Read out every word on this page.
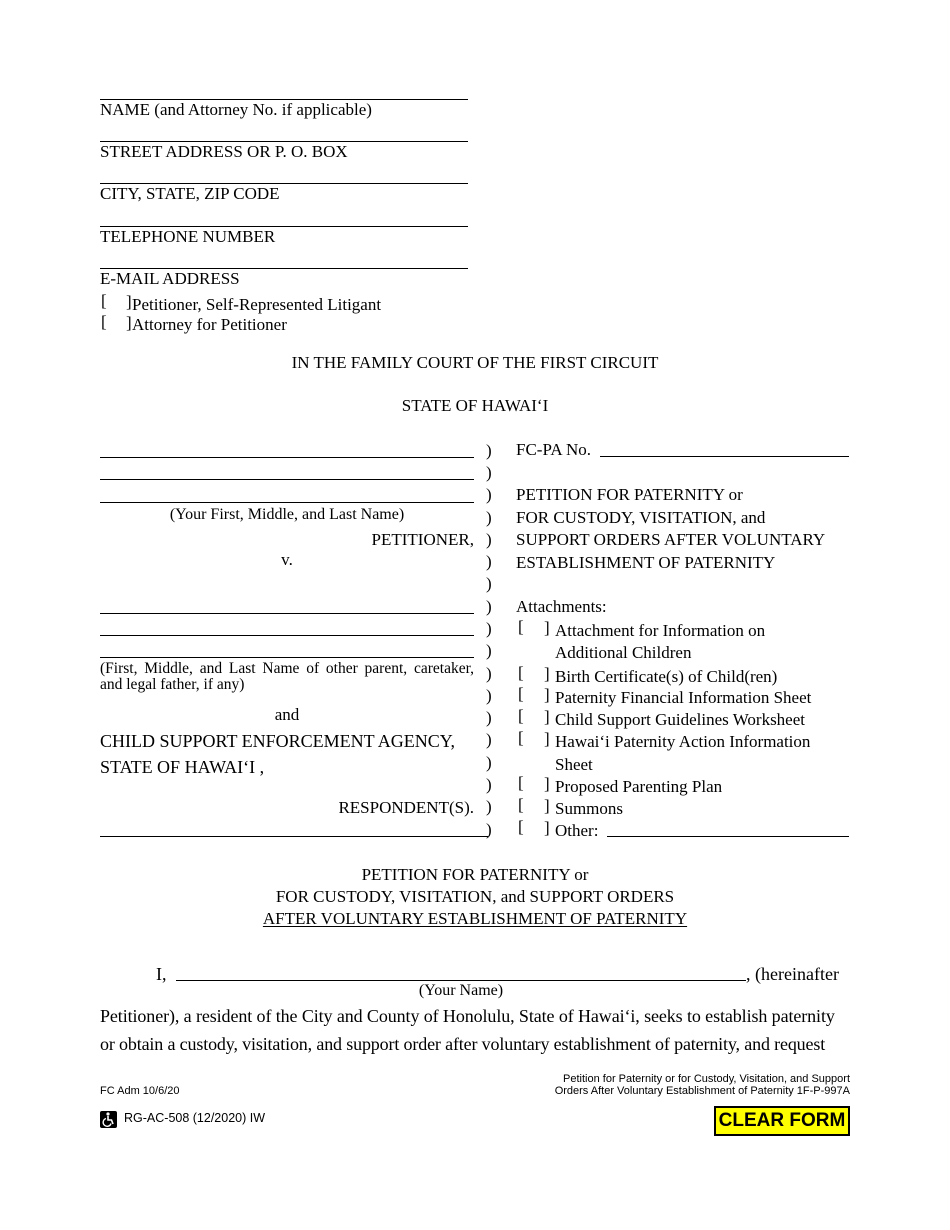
NAME (and Attorney No. if applicable)
STREET ADDRESS OR P. O. BOX
CITY, STATE, ZIP CODE
TELEPHONE NUMBER
E-MAIL ADDRESS
[ ] Petitioner, Self-Represented Litigant
[ ] Attorney for Petitioner
IN THE FAMILY COURT OF THE FIRST CIRCUIT
STATE OF HAWAIʻI
(Your First, Middle, and Last Name)
PETITIONER,
v.
(First, Middle, and Last Name of other parent, caretaker, and legal father, if any)
and
CHILD SUPPORT ENFORCEMENT AGENCY,
STATE OF HAWAIʻI ,
RESPONDENT(S).
)
)
)
)
)
)
)
)
)
)
)
)
)
)
)
)
)
)
FC-PA No.
PETITION FOR PATERNITY or
FOR CUSTODY, VISITATION, and
SUPPORT ORDERS AFTER VOLUNTARY
ESTABLISHMENT OF PATERNITY
Attachments:
[ ]
[ ]
[ ]
[ ]
[ ]
[ ]
[ ]
[ ]
Attachment for Information on
Additional Children
Birth Certificate(s) of Child(ren)
Paternity Financial Information Sheet
Child Support Guidelines Worksheet
Hawaiʻi Paternity Action Information
Sheet
Proposed Parenting Plan
Summons
Other:
PETITION FOR PATERNITY or
FOR CUSTODY, VISITATION, and SUPPORT ORDERS
AFTER VOLUNTARY ESTABLISHMENT OF PATERNITY
I,	, (hereinafter
(Your Name)
Petitioner), a resident of the City and County of Honolulu, State of Hawaiʻi, seeks to establish paternity
or obtain a custody, visitation, and support order after voluntary establishment of paternity, and request
FC Adm 10/6/20
Petition for Paternity or for Custody, Visitation, and Support
Orders After Voluntary Establishment of Paternity 1F-P-997A
RG-AC-508 (12/2020) IW	CLEAR FORM
